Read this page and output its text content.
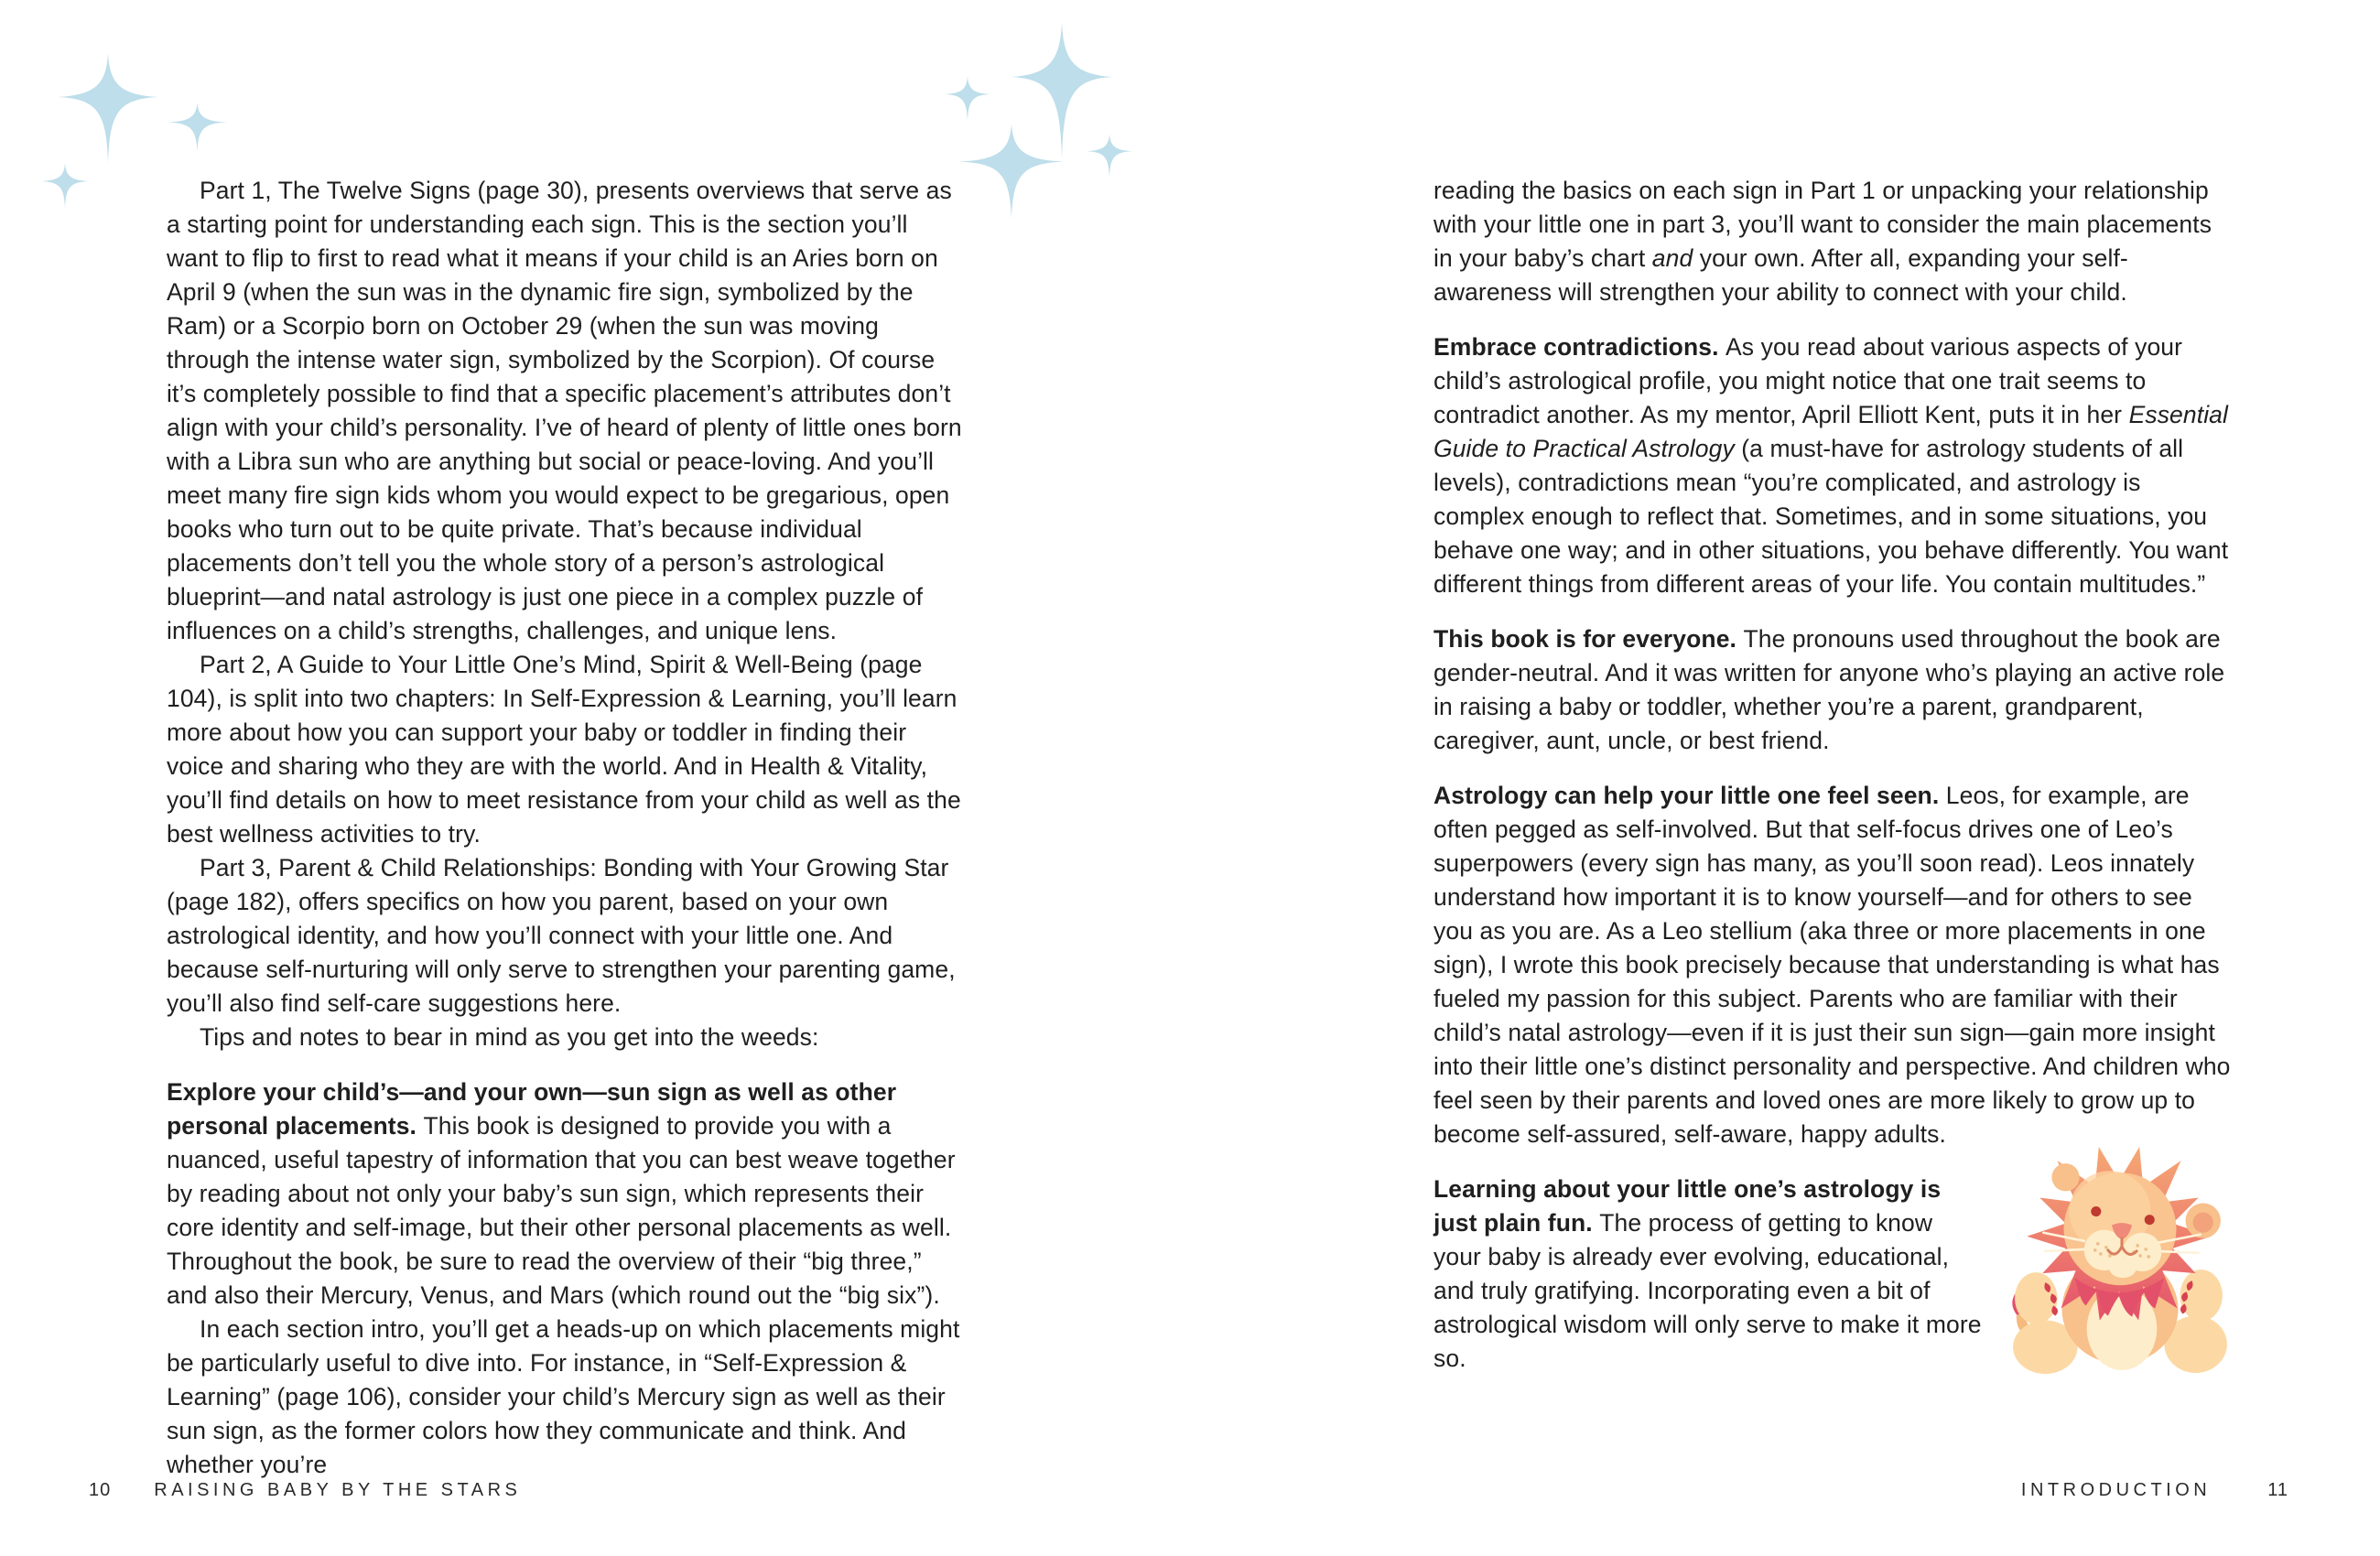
Part 1, The Twelve Signs (page 30), presents overviews that serve as a starting point for understanding each sign. This is the section you’ll want to flip to first to read what it means if your child is an Aries born on April 9 (when the sun was in the dynamic fire sign, symbolized by the Ram) or a Scorpio born on October 29 (when the sun was moving through the intense water sign, symbolized by the Scorpion). Of course it’s completely possible to find that a specific placement’s attributes don’t align with your child’s personality. I’ve of heard of plenty of little ones born with a Libra sun who are anything but social or peace-loving. And you’ll meet many fire sign kids whom you would expect to be gregarious, open books who turn out to be quite private. That’s because individual placements don’t tell you the whole story of a person’s astrological blueprint—and natal astrology is just one piece in a complex puzzle of influences on a child’s strengths, challenges, and unique lens.

Part 2, A Guide to Your Little One’s Mind, Spirit & Well-Being (page 104), is split into two chapters: In Self-Expression & Learning, you’ll learn more about how you can support your baby or toddler in finding their voice and sharing who they are with the world. And in Health & Vitality, you’ll find details on how to meet resistance from your child as well as the best wellness activities to try.

Part 3, Parent & Child Relationships: Bonding with Your Growing Star (page 182), offers specifics on how you parent, based on your own astrological identity, and how you’ll connect with your little one. And because self-nurturing will only serve to strengthen your parenting game, you’ll also find self-care suggestions here.

Tips and notes to bear in mind as you get into the weeds:

Explore your child’s—and your own—sun sign as well as other personal placements. This book is designed to provide you with a nuanced, useful tapestry of information that you can best weave together by reading about not only your baby’s sun sign, which represents their core identity and self-image, but their other personal placements as well. Throughout the book, be sure to read the overview of their “big three,” and also their Mercury, Venus, and Mars (which round out the “big six”).

In each section intro, you’ll get a heads-up on which placements might be particularly useful to dive into. For instance, in “Self-Expression & Learning” (page 106), consider your child’s Mercury sign as well as their sun sign, as the former colors how they communicate and think. And whether you’re

reading the basics on each sign in Part 1 or unpacking your relationship with your little one in part 3, you’ll want to consider the main placements in your baby’s chart and your own. After all, expanding your self-awareness will strengthen your ability to connect with your child.

Embrace contradictions. As you read about various aspects of your child’s astrological profile, you might notice that one trait seems to contradict another. As my mentor, April Elliott Kent, puts it in her Essential Guide to Practical Astrology (a must-have for astrology students of all levels), contradictions mean “you’re complicated, and astrology is complex enough to reflect that. Sometimes, and in some situations, you behave one way; and in other situations, you behave differently. You want different things from different areas of your life. You contain multitudes.”

This book is for everyone. The pronouns used throughout the book are gender-neutral. And it was written for anyone who’s playing an active role in raising a baby or toddler, whether you’re a parent, grandparent, caregiver, aunt, uncle, or best friend.

Astrology can help your little one feel seen. Leos, for example, are often pegged as self-involved. But that self-focus drives one of Leo’s superpowers (every sign has many, as you’ll soon read). Leos innately understand how important it is to know yourself—and for others to see you as you are. As a Leo stellium (aka three or more placements in one sign), I wrote this book precisely because that understanding is what has fueled my passion for this subject. Parents who are familiar with their child’s natal astrology—even if it is just their sun sign—gain more insight into their little one’s distinct personality and perspective. And children who feel seen by their parents and loved ones are more likely to grow up to become self-assured, self-aware, happy adults.

Learning about your little one’s astrology is just plain fun. The process of getting to know your baby is already ever evolving, educational, and truly gratifying. Incorporating even a bit of astrological wisdom will only serve to make it more so.

10 RAISING BABY BY THE STARS	INTRODUCTION	11
